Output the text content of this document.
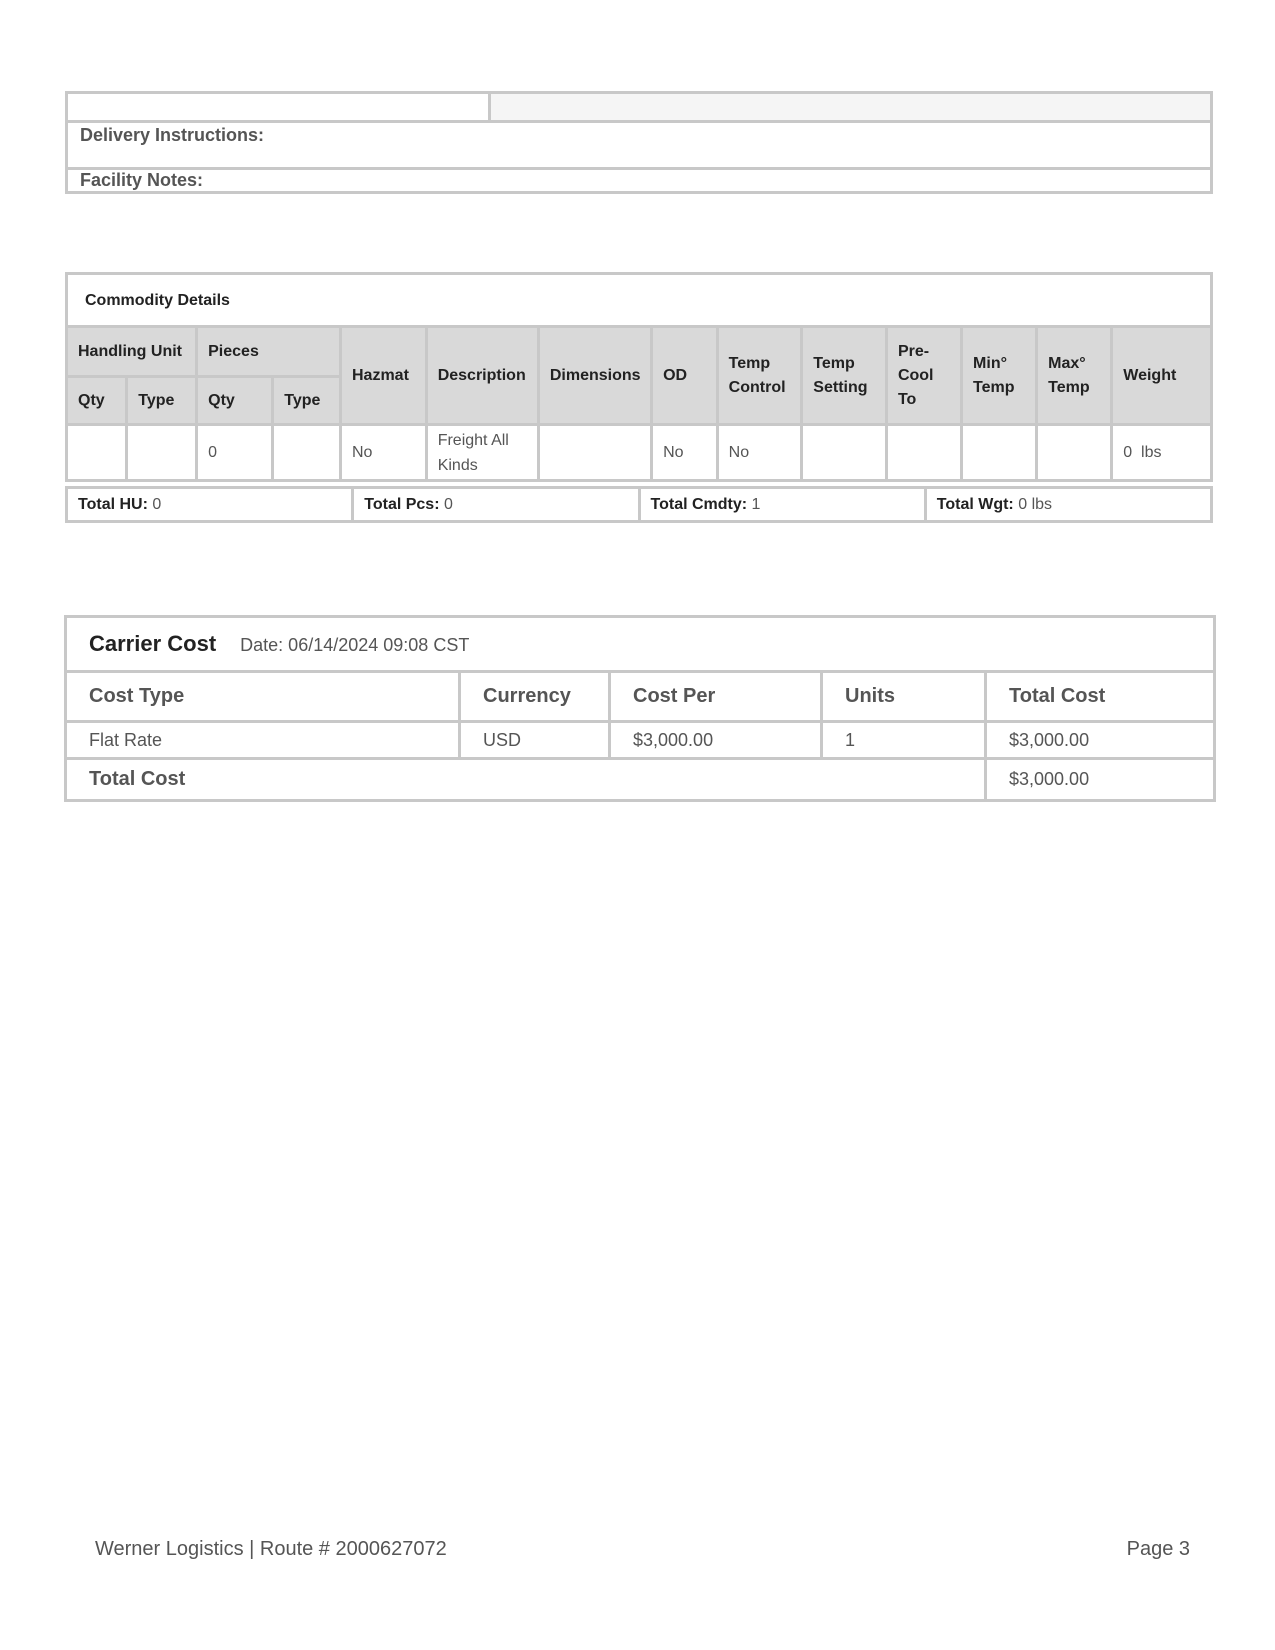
Delivery Instructions:
Facility Notes:
Commodity Details													
Handling Unit		Pieces		Hazmat	Description	Dimensions	OD	Temp Control	Temp Setting	Pre-Cool To	Min° Temp	Max° Temp	Weight
Qty	Type	Qty	Type										
		0		No	Freight All Kinds		No	No					0  lbs
Total HU: 0	Total Pcs: 0	Total Cmdty: 1	Total Wgt: 0 lbs
Carrier Cost Date: 06/14/2024 09:08 CST				
Cost Type	Currency	Cost Per	Units	Total Cost
Flat Rate	USD	$3,000.00	1	$3,000.00
Total Cost				$3,000.00
Werner Logistics | Route # 2000627072	Page 3
